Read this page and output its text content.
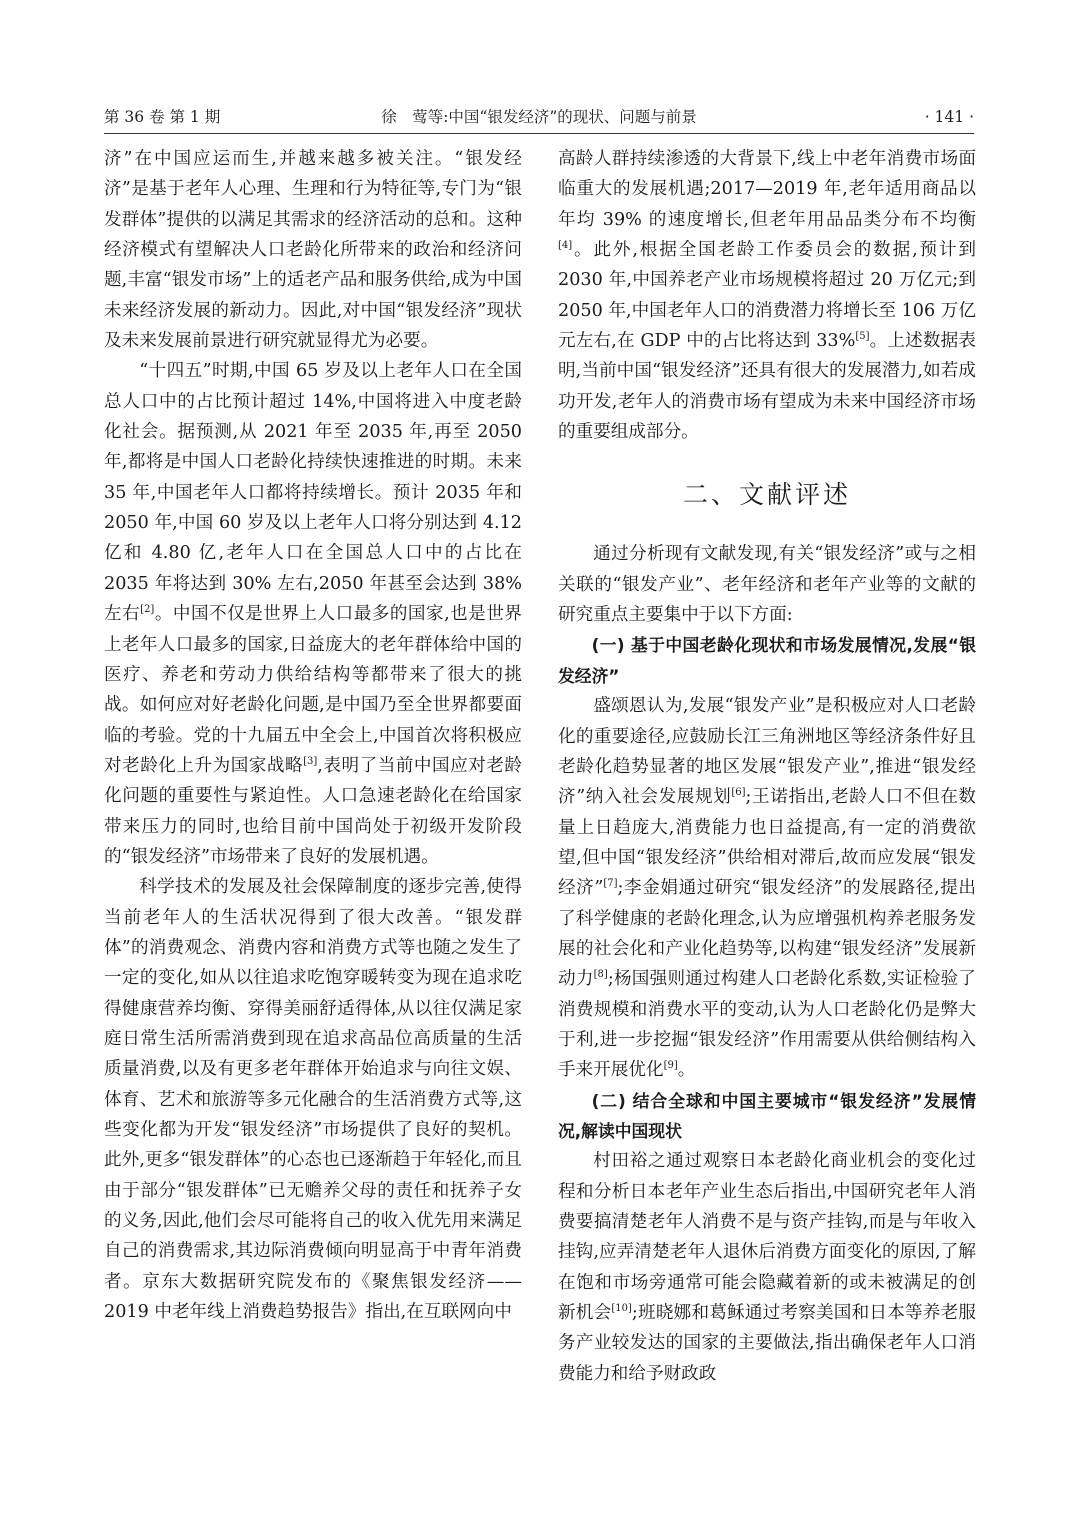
第 36 卷 第 1 期	徐　莺等:中国“银发经济”的现状、问题与前景	· 141 ·

济”在中国应运而生,并越来越多被关注。“银发经济”是基于老年人心理、生理和行为特征等,专门为“银发群体”提供的以满足其需求的经济活动的总和。这种经济模式有望解决人口老龄化所带来的政治和经济问题,丰富“银发市场”上的适老产品和服务供给,成为中国未来经济发展的新动力。因此,对中国“银发经济”现状及未来发展前景进行研究就显得尤为必要。

“十四五”时期,中国 65 岁及以上老年人口在全国总人口中的占比预计超过 14%,中国将进入中度老龄化社会。据预测,从 2021 年至 2035 年,再至 2050 年,都将是中国人口老龄化持续快速推进的时期。未来 35 年,中国老年人口都将持续增长。预计 2035 年和 2050 年,中国 60 岁及以上老年人口将分别达到 4.12 亿和 4.80 亿,老年人口在全国总人口中的占比在 2035 年将达到 30% 左右,2050 年甚至会达到 38% 左右[2]。中国不仅是世界上人口最多的国家,也是世界上老年人口最多的国家,日益庞大的老年群体给中国的医疗、养老和劳动力供给结构等都带来了很大的挑战。如何应对好老龄化问题,是中国乃至全世界都要面临的考验。党的十九届五中全会上,中国首次将积极应对老龄化上升为国家战略[3],表明了当前中国应对老龄化问题的重要性与紧迫性。人口急速老龄化在给国家带来压力的同时,也给目前中国尚处于初级开发阶段的“银发经济”市场带来了良好的发展机遇。

科学技术的发展及社会保障制度的逐步完善,使得当前老年人的生活状况得到了很大改善。“银发群体”的消费观念、消费内容和消费方式等也随之发生了一定的变化,如从以往追求吃饱穿暖转变为现在追求吃得健康营养均衡、穿得美丽舒适得体,从以往仅满足家庭日常生活所需消费到现在追求高品位高质量的生活质量消费,以及有更多老年群体开始追求与向往文娱、体育、艺术和旅游等多元化融合的生活消费方式等,这些变化都为开发“银发经济”市场提供了良好的契机。此外,更多“银发群体”的心态也已逐渐趋于年轻化,而且由于部分“银发群体”已无赡养父母的责任和抚养子女的义务,因此,他们会尽可能将自己的收入优先用来满足自己的消费需求,其边际消费倾向明显高于中青年消费者。京东大数据研究院发布的《聚焦银发经济——2019 中老年线上消费趋势报告》指出,在互联网向中

高龄人群持续渗透的大背景下,线上中老年消费市场面临重大的发展机遇;2017—2019 年,老年适用商品以年均 39% 的速度增长,但老年用品品类分布不均衡[4]。此外,根据全国老龄工作委员会的数据,预计到 2030 年,中国养老产业市场规模将超过 20 万亿元;到 2050 年,中国老年人口的消费潜力将增长至 106 万亿元左右,在 GDP 中的占比将达到 33%[5]。上述数据表明,当前中国“银发经济”还具有很大的发展潜力,如若成功开发,老年人的消费市场有望成为未来中国经济市场的重要组成部分。

二、文献评述

通过分析现有文献发现,有关“银发经济”或与之相关联的“银发产业”、老年经济和老年产业等的文献的研究重点主要集中于以下方面:

(一) 基于中国老龄化现状和市场发展情况,发展“银发经济”

盛颂恩认为,发展“银发产业”是积极应对人口老龄化的重要途径,应鼓励长江三角洲地区等经济条件好且老龄化趋势显著的地区发展“银发产业”,推进“银发经济”纳入社会发展规划[6];王诺指出,老龄人口不但在数量上日趋庞大,消费能力也日益提高,有一定的消费欲望,但中国“银发经济”供给相对滞后,故而应发展“银发经济”[7];李金娟通过研究“银发经济”的发展路径,提出了科学健康的老龄化理念,认为应增强机构养老服务发展的社会化和产业化趋势等,以构建“银发经济”发展新动力[8];杨国强则通过构建人口老龄化系数,实证检验了消费规模和消费水平的变动,认为人口老龄化仍是弊大于利,进一步挖掘“银发经济”作用需要从供给侧结构入手来开展优化[9]。

(二) 结合全球和中国主要城市“银发经济”发展情况,解读中国现状

村田裕之通过观察日本老龄化商业机会的变化过程和分析日本老年产业生态后指出,中国研究老年人消费要搞清楚老年人消费不是与资产挂钩,而是与年收入挂钩,应弄清楚老年人退休后消费方面变化的原因,了解在饱和市场旁通常可能会隐藏着新的或未被满足的创新机会[10];班晓娜和葛稣通过考察美国和日本等养老服务产业较发达的国家的主要做法,指出确保老年人口消费能力和给予财政政
